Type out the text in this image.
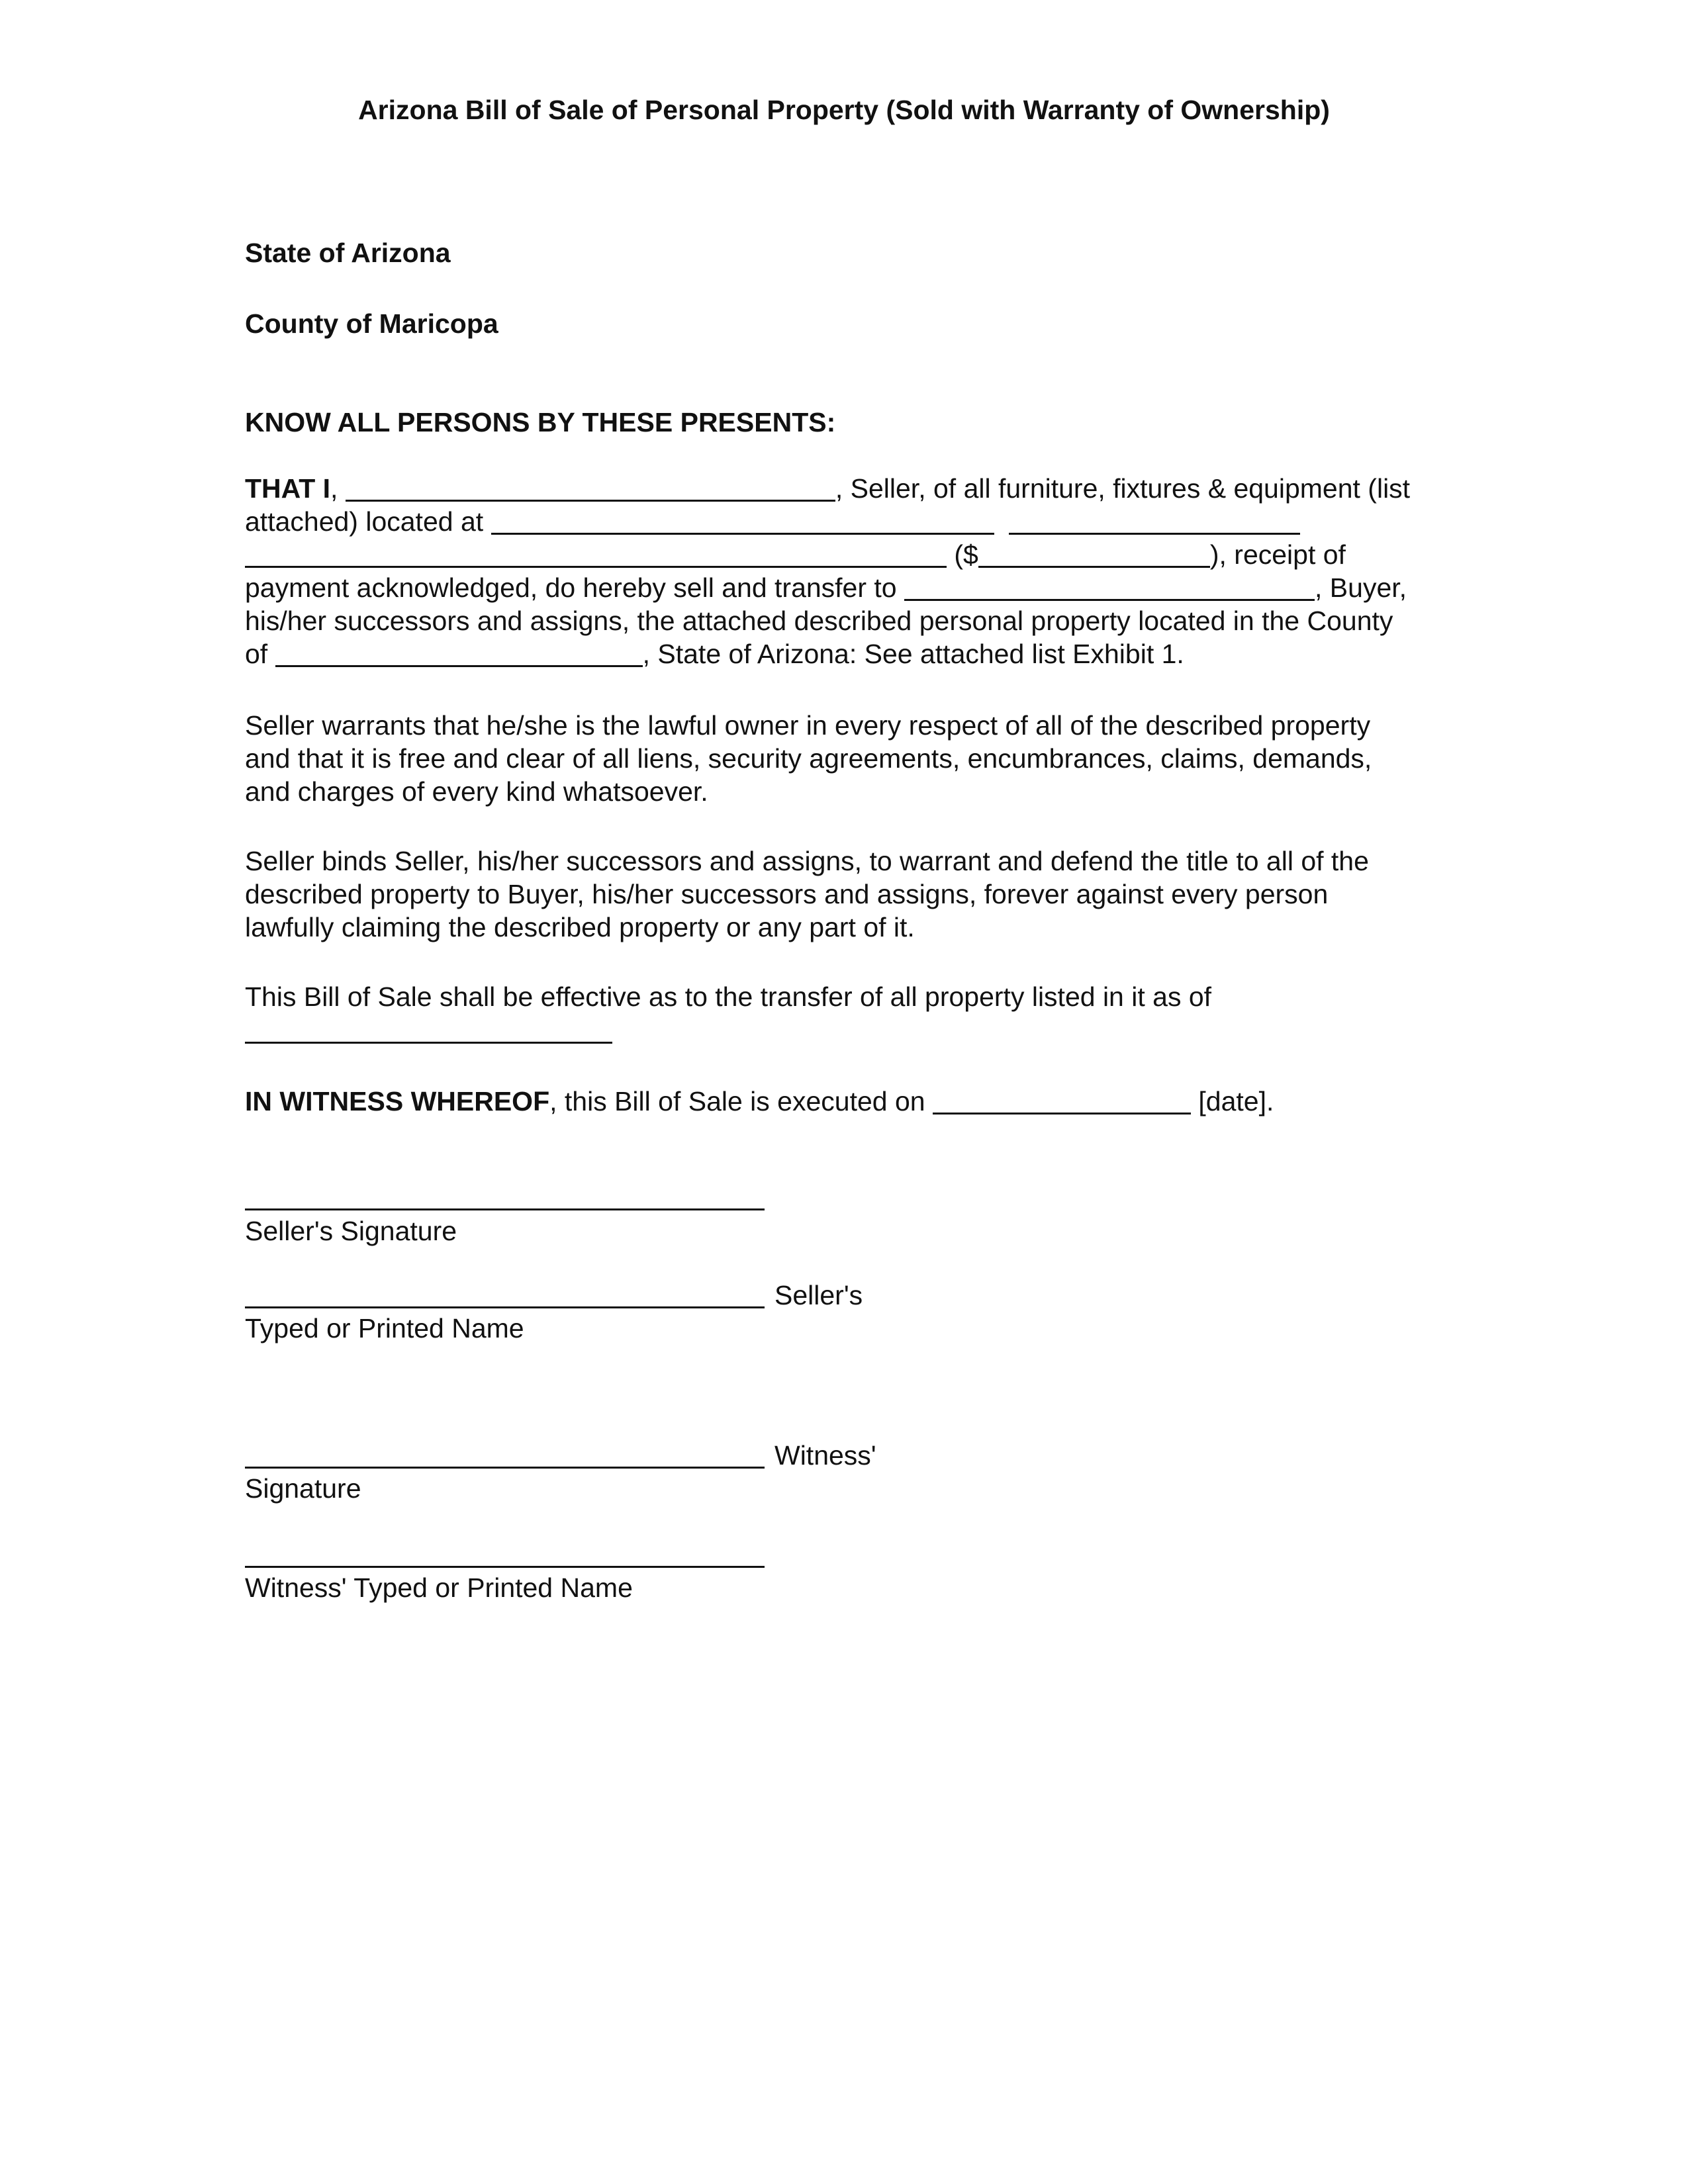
Arizona Bill of Sale of Personal Property (Sold with Warranty of Ownership)
State of Arizona
County of Maricopa
KNOW ALL PERSONS BY THESE PRESENTS:
THAT I,	, Seller, of all furniture, fixtures & equipment (list
attached) located at
($	), receipt of
payment acknowledged, do hereby sell and transfer to	, Buyer,
his/her successors and assigns, the attached described personal property located in the County
of	, State of Arizona: See attached list Exhibit 1.
Seller warrants that he/she is the lawful owner in every respect of all of the described property
and that it is free and clear of all liens, security agreements, encumbrances, claims, demands,
and charges of every kind whatsoever.
Seller binds Seller, his/her successors and assigns, to warrant and defend the title to all of the
described property to Buyer, his/her successors and assigns, forever against every person
lawfully claiming the described property or any part of it.
This Bill of Sale shall be effective as to the transfer of all property listed in it as of
IN WITNESS WHEREOF, this Bill of Sale is executed on	[date].
Seller's Signature
Seller's
Typed or Printed Name
Witness'
Signature
Witness' Typed or Printed Name
